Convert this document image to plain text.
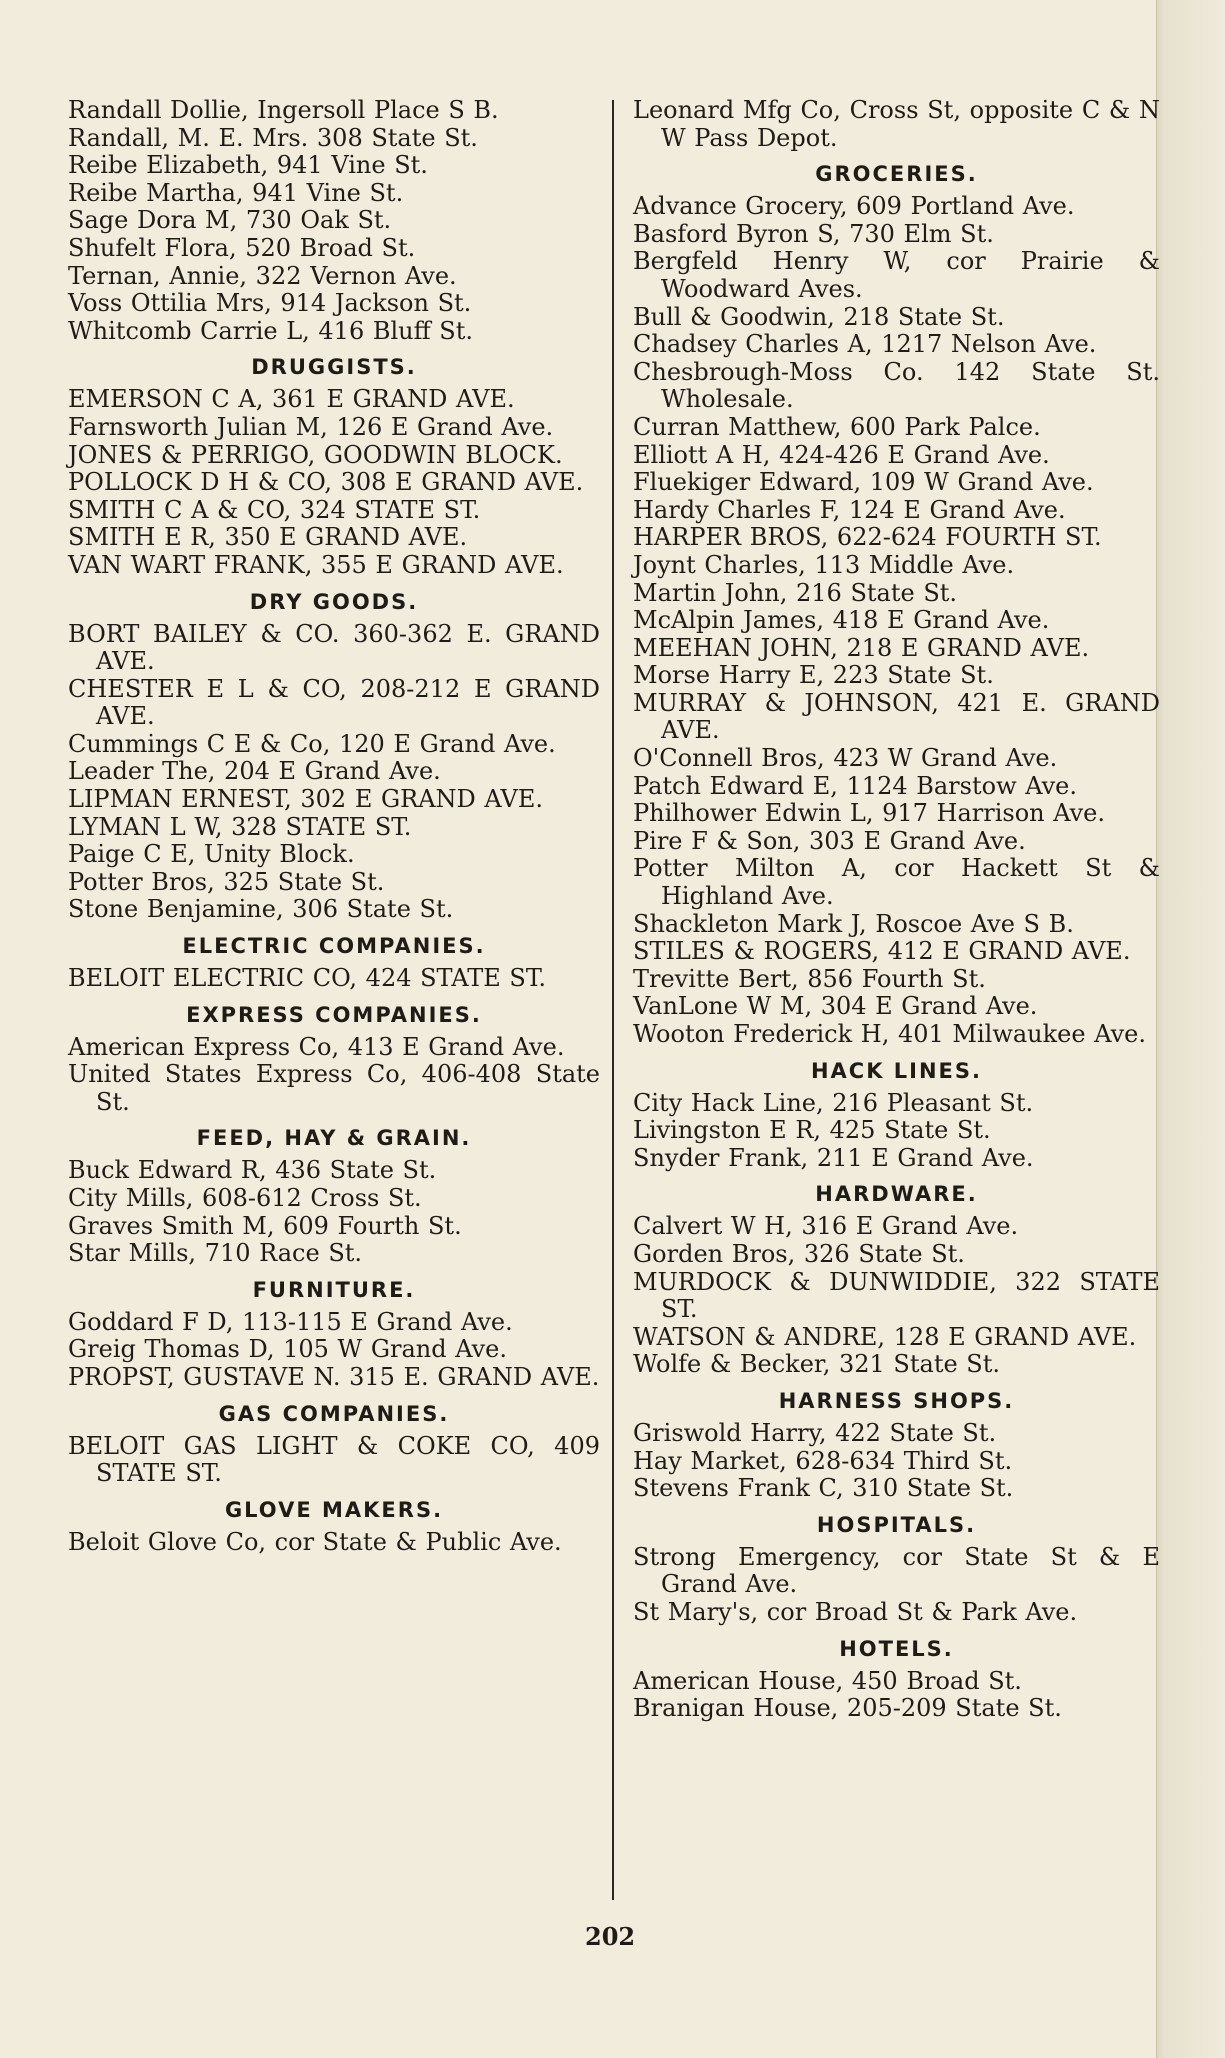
Randall Dollie, Ingersoll Place S B.
Randall, M. E. Mrs. 308 State St.
Reibe Elizabeth, 941 Vine St.
Reibe Martha, 941 Vine St.
Sage Dora M, 730 Oak St.
Shufelt Flora, 520 Broad St.
Ternan, Annie, 322 Vernon Ave.
Voss Ottilia Mrs, 914 Jackson St.
Whitcomb Carrie L, 416 Bluff St.
DRUGGISTS.
EMERSON C A, 361 E GRAND AVE.
Farnsworth Julian M, 126 E Grand Ave.
JONES & PERRIGO, GOODWIN BLOCK.
POLLOCK D H & CO, 308 E GRAND AVE.
SMITH C A & CO, 324 STATE ST.
SMITH E R, 350 E GRAND AVE.
VAN WART FRANK, 355 E GRAND AVE.
DRY GOODS.
BORT BAILEY & CO. 360-362 E. GRAND AVE.
CHESTER E L & CO, 208-212 E GRAND AVE.
Cummings C E & Co, 120 E Grand Ave.
Leader The, 204 E Grand Ave.
LIPMAN ERNEST, 302 E GRAND AVE.
LYMAN L W, 328 STATE ST.
Paige C E, Unity Block.
Potter Bros, 325 State St.
Stone Benjamine, 306 State St.
ELECTRIC COMPANIES.
BELOIT ELECTRIC CO, 424 STATE ST.
EXPRESS COMPANIES.
American Express Co, 413 E Grand Ave.
United States Express Co, 406-408 State St.
FEED, HAY & GRAIN.
Buck Edward R, 436 State St.
City Mills, 608-612 Cross St.
Graves Smith M, 609 Fourth St.
Star Mills, 710 Race St.
FURNITURE.
Goddard F D, 113-115 E Grand Ave.
Greig Thomas D, 105 W Grand Ave.
PROPST, GUSTAVE N. 315 E. GRAND AVE.
GAS COMPANIES.
BELOIT GAS LIGHT & COKE CO, 409 STATE ST.
GLOVE MAKERS.
Beloit Glove Co, cor State & Public Ave.
Leonard Mfg Co, Cross St, opposite C & N W Pass Depot.
GROCERIES.
Advance Grocery, 609 Portland Ave.
Basford Byron S, 730 Elm St.
Bergfeld Henry W, cor Prairie & Woodward Aves.
Bull & Goodwin, 218 State St.
Chadsey Charles A, 1217 Nelson Ave.
Chesbrough-Moss Co. 142 State St. Wholesale.
Curran Matthew, 600 Park Palce.
Elliott A H, 424-426 E Grand Ave.
Fluekiger Edward, 109 W Grand Ave.
Hardy Charles F, 124 E Grand Ave.
HARPER BROS, 622-624 FOURTH ST.
Joynt Charles, 113 Middle Ave.
Martin John, 216 State St.
McAlpin James, 418 E Grand Ave.
MEEHAN JOHN, 218 E GRAND AVE.
Morse Harry E, 223 State St.
MURRAY & JOHNSON, 421 E. GRAND AVE.
O'Connell Bros, 423 W Grand Ave.
Patch Edward E, 1124 Barstow Ave.
Philhower Edwin L, 917 Harrison Ave.
Pire F & Son, 303 E Grand Ave.
Potter Milton A, cor Hackett St & Highland Ave.
Shackleton Mark J, Roscoe Ave S B.
STILES & ROGERS, 412 E GRAND AVE.
Trevitte Bert, 856 Fourth St.
VanLone W M, 304 E Grand Ave.
Wooton Frederick H, 401 Milwaukee Ave.
HACK LINES.
City Hack Line, 216 Pleasant St.
Livingston E R, 425 State St.
Snyder Frank, 211 E Grand Ave.
HARDWARE.
Calvert W H, 316 E Grand Ave.
Gorden Bros, 326 State St.
MURDOCK & DUNWIDDIE, 322 STATE ST.
WATSON & ANDRE, 128 E GRAND AVE.
Wolfe & Becker, 321 State St.
HARNESS SHOPS.
Griswold Harry, 422 State St.
Hay Market, 628-634 Third St.
Stevens Frank C, 310 State St.
HOSPITALS.
Strong Emergency, cor State St & E Grand Ave.
St Mary's, cor Broad St & Park Ave.
HOTELS.
American House, 450 Broad St.
Branigan House, 205-209 State St.
202
